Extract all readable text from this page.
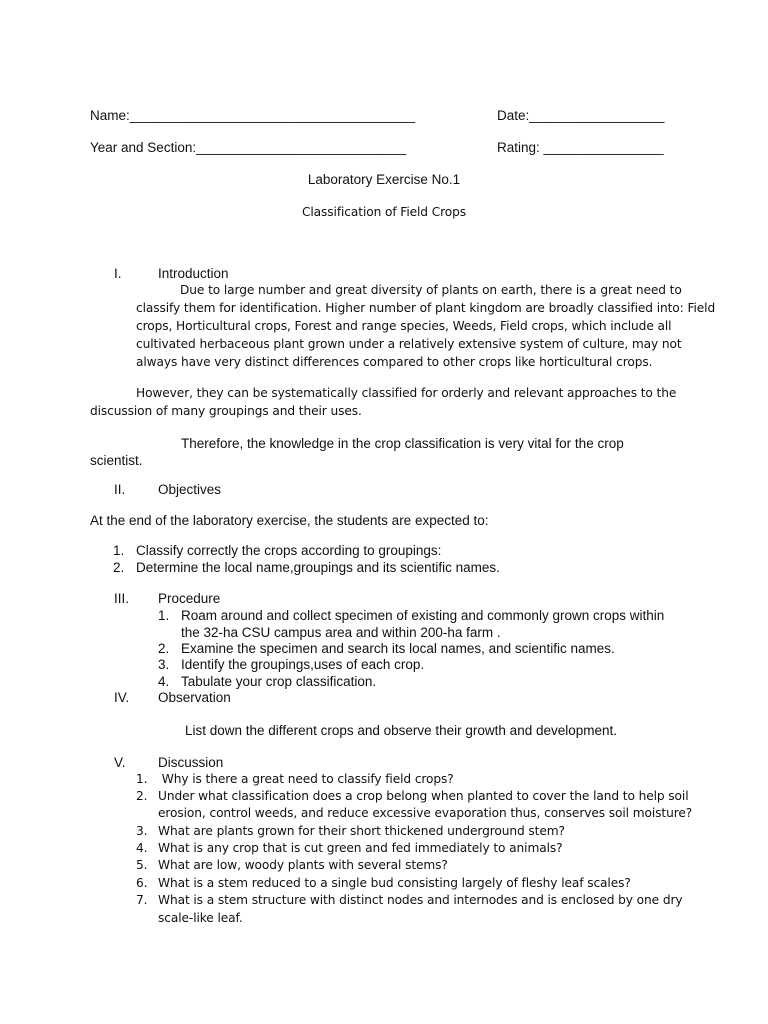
Name:______________________________________	Date:__________________
Year and Section:____________________________	Rating: ________________
Laboratory Exercise No.1
Classification of Field Crops
I.	Introduction
Due to large number and great diversity of plants on earth, there is a great need to
classify them for identification. Higher number of plant kingdom are broadly classified into: Field
crops, Horticultural crops, Forest and range species, Weeds, Field crops, which include all
cultivated herbaceous plant grown under a relatively extensive system of culture, may not
always have very distinct differences compared to other crops like horticultural crops.
However, they can be systematically classified for orderly and relevant approaches to the
discussion of many groupings and their uses.
Therefore, the knowledge in the crop classification is very vital for the crop
scientist.
II. Objectives
At the end of the laboratory exercise, the students are expected to:
1. Classify correctly the crops according to groupings:
2. Determine the local name,groupings and its scientific names.
III. Procedure
1. Roam around and collect specimen of existing and commonly grown crops within
the 32-ha CSU campus area and within 200-ha farm .
2. Examine the specimen and search its local names, and scientific names.
3. Identify the groupings,uses of each crop.
4. Tabulate your crop classification.
IV. Observation
List down the different crops and observe their growth and development.
V. Discussion
1. Why is there a great need to classify field crops?
2. Under what classification does a crop belong when planted to cover the land to help soil
erosion, control weeds, and reduce excessive evaporation thus, conserves soil moisture?
3. What are plants grown for their short thickened underground stem?
4. What is any crop that is cut green and fed immediately to animals?
5. What are low, woody plants with several stems?
6. What is a stem reduced to a single bud consisting largely of fleshy leaf scales?
7. What is a stem structure with distinct nodes and internodes and is enclosed by one dry
scale-like leaf.
